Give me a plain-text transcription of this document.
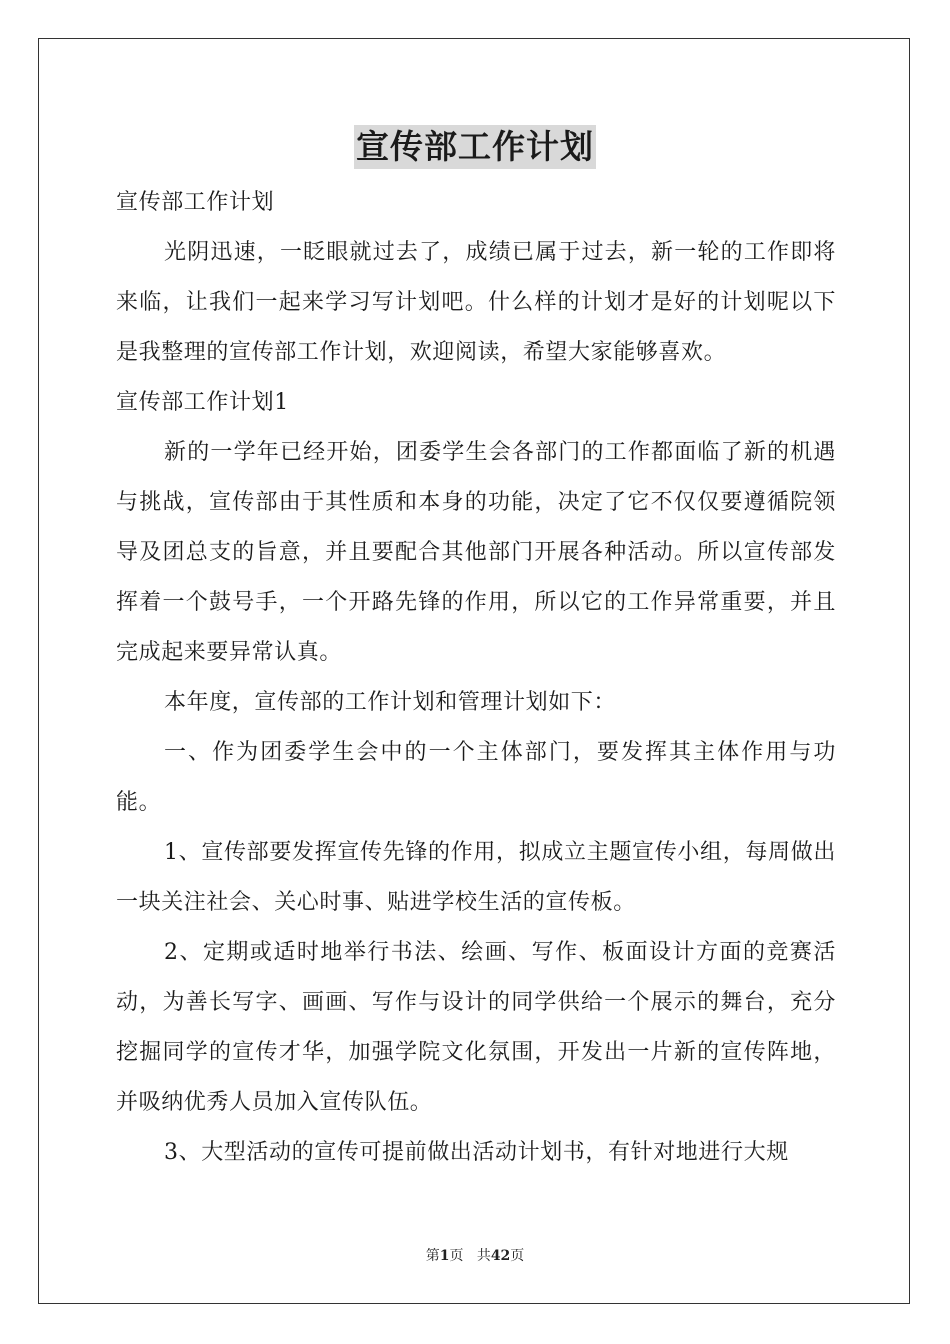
宣传部工作计划

宣传部工作计划

光阴迅速，一眨眼就过去了，成绩已属于过去，新一轮的工作即将来临，让我们一起来学习写计划吧。什么样的计划才是好的计划呢以下是我整理的宣传部工作计划，欢迎阅读，希望大家能够喜欢。

宣传部工作计划1

新的一学年已经开始，团委学生会各部门的工作都面临了新的机遇与挑战，宣传部由于其性质和本身的功能，决定了它不仅仅要遵循院领导及团总支的旨意，并且要配合其他部门开展各种活动。所以宣传部发挥着一个鼓号手，一个开路先锋的作用，所以它的工作异常重要，并且完成起来要异常认真。

本年度，宣传部的工作计划和管理计划如下：

一、作为团委学生会中的一个主体部门，要发挥其主体作用与功能。

1、宣传部要发挥宣传先锋的作用，拟成立主题宣传小组，每周做出一块关注社会、关心时事、贴进学校生活的宣传板。

2、定期或适时地举行书法、绘画、写作、板面设计方面的竞赛活动，为善长写字、画画、写作与设计的同学供给一个展示的舞台，充分挖掘同学的宣传才华，加强学院文化氛围，开发出一片新的宣传阵地，并吸纳优秀人员加入宣传队伍。

3、大型活动的宣传可提前做出活动计划书，有针对地进行大规

第1页 共42页
